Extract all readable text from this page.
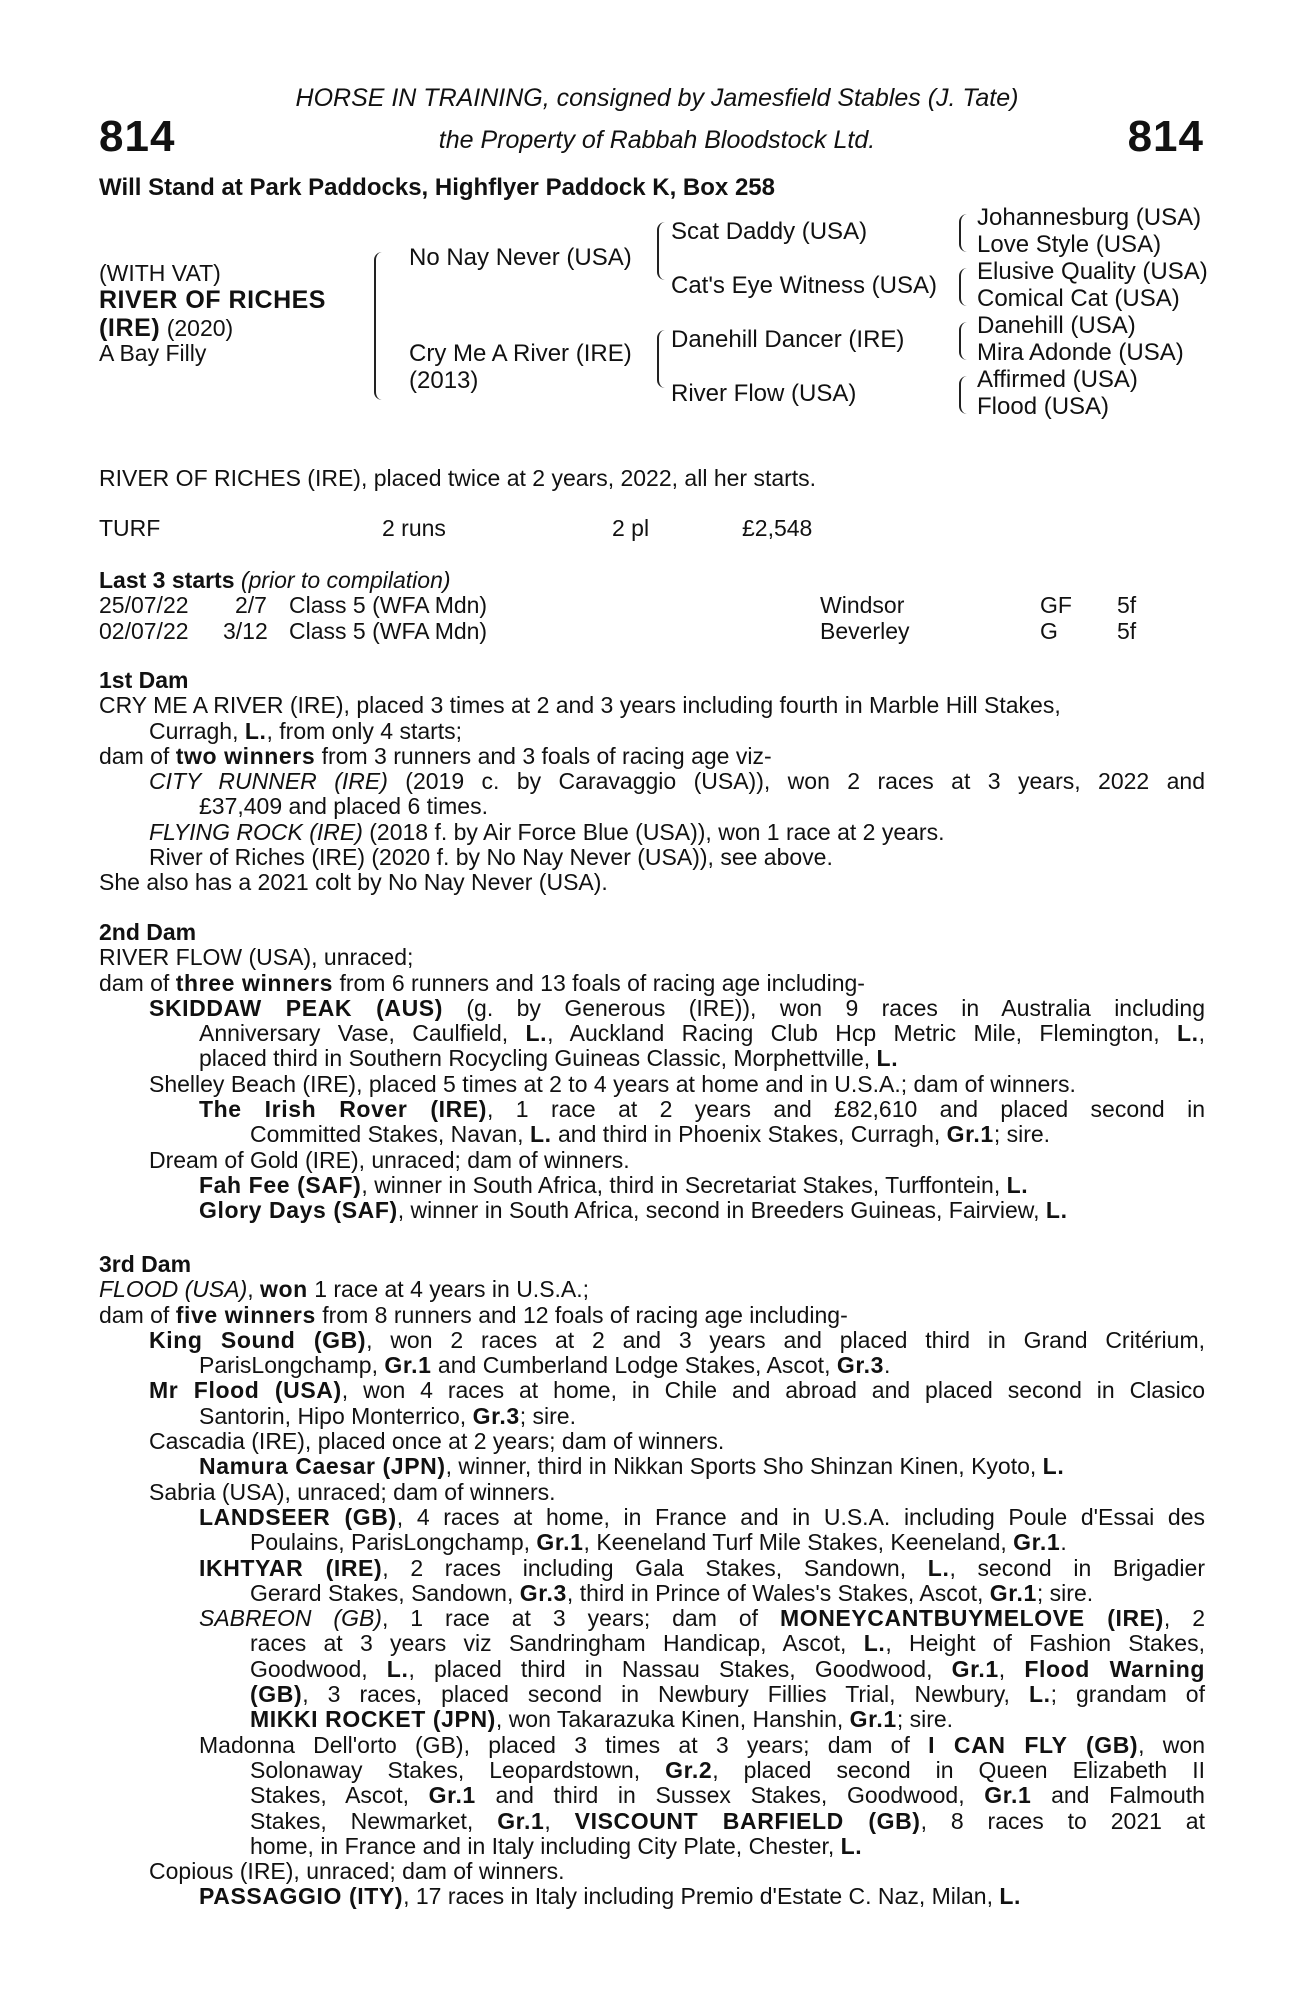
814	814
HORSE IN TRAINING, consigned by Jamesfield Stables (J. Tate)
the Property of Rabbah Bloodstock Ltd.
Will Stand at Park Paddocks, Highflyer Paddock K, Box 258
(WITH VAT)
RIVER OF RICHES
(IRE) (2020)
A Bay Filly
No Nay Never (USA)
Cry Me A River (IRE)
(2013)
Scat Daddy (USA)
Cat's Eye Witness (USA)
Danehill Dancer (IRE)
River Flow (USA)
Johannesburg (USA)
Love Style (USA)
Elusive Quality (USA)
Comical Cat (USA)
Danehill (USA)
Mira Adonde (USA)
Affirmed (USA)
Flood (USA)
RIVER OF RICHES (IRE), placed twice at 2 years, 2022, all her starts.
TURF	2 runs	2 pl	£2,548
Last 3 starts (prior to compilation)
25/07/22 2/7 Class 5 (WFA Mdn)	Windsor	GF 5f
02/07/22 3/12 Class 5 (WFA Mdn)	Beverley	G	5f
1st Dam
CRY ME A RIVER (IRE), placed 3 times at 2 and 3 years including fourth in Marble Hill Stakes,
Curragh, L., from only 4 starts;
dam of two winners from 3 runners and 3 foals of racing age viz-
CITY RUNNER (IRE) (2019 c. by Caravaggio (USA)), won 2 races at 3 years, 2022 and
£37,409 and placed 6 times.
FLYING ROCK (IRE) (2018 f. by Air Force Blue (USA)), won 1 race at 2 years.
River of Riches (IRE) (2020 f. by No Nay Never (USA)), see above.
She also has a 2021 colt by No Nay Never (USA).
2nd Dam
RIVER FLOW (USA), unraced;
dam of three winners from 6 runners and 13 foals of racing age including-
SKIDDAW PEAK (AUS) (g. by Generous (IRE)), won 9 races in Australia including
Anniversary Vase, Caulfield, L., Auckland Racing Club Hcp Metric Mile, Flemington, L.,
placed third in Southern Rocycling Guineas Classic, Morphettville, L.
Shelley Beach (IRE), placed 5 times at 2 to 4 years at home and in U.S.A.; dam of winners.
The Irish Rover (IRE), 1 race at 2 years and £82,610 and placed second in
Committed Stakes, Navan, L. and third in Phoenix Stakes, Curragh, Gr.1; sire.
Dream of Gold (IRE), unraced; dam of winners.
Fah Fee (SAF), winner in South Africa, third in Secretariat Stakes, Turffontein, L.
Glory Days (SAF), winner in South Africa, second in Breeders Guineas, Fairview, L.
3rd Dam
FLOOD (USA), won 1 race at 4 years in U.S.A.;
dam of five winners from 8 runners and 12 foals of racing age including-
King Sound (GB), won 2 races at 2 and 3 years and placed third in Grand Critérium,
ParisLongchamp, Gr.1 and Cumberland Lodge Stakes, Ascot, Gr.3.
Mr Flood (USA), won 4 races at home, in Chile and abroad and placed second in Clasico
Santorin, Hipo Monterrico, Gr.3; sire.
Cascadia (IRE), placed once at 2 years; dam of winners.
Namura Caesar (JPN), winner, third in Nikkan Sports Sho Shinzan Kinen, Kyoto, L.
Sabria (USA), unraced; dam of winners.
LANDSEER (GB), 4 races at home, in France and in U.S.A. including Poule d'Essai des
Poulains, ParisLongchamp, Gr.1, Keeneland Turf Mile Stakes, Keeneland, Gr.1.
IKHTYAR (IRE), 2 races including Gala Stakes, Sandown, L., second in Brigadier
Gerard Stakes, Sandown, Gr.3, third in Prince of Wales's Stakes, Ascot, Gr.1; sire.
SABREON (GB), 1 race at 3 years; dam of MONEYCANTBUYMELOVE (IRE), 2
races at 3 years viz Sandringham Handicap, Ascot, L., Height of Fashion Stakes,
Goodwood, L., placed third in Nassau Stakes, Goodwood, Gr.1, Flood Warning
(GB), 3 races, placed second in Newbury Fillies Trial, Newbury, L.; grandam of
MIKKI ROCKET (JPN), won Takarazuka Kinen, Hanshin, Gr.1; sire.
Madonna Dell'orto (GB), placed 3 times at 3 years; dam of I CAN FLY (GB), won
Solonaway Stakes, Leopardstown, Gr.2, placed second in Queen Elizabeth II
Stakes, Ascot, Gr.1 and third in Sussex Stakes, Goodwood, Gr.1 and Falmouth
Stakes, Newmarket, Gr.1, VISCOUNT BARFIELD (GB), 8 races to 2021 at
home, in France and in Italy including City Plate, Chester, L.
Copious (IRE), unraced; dam of winners.
PASSAGGIO (ITY), 17 races in Italy including Premio d'Estate C. Naz, Milan, L.
